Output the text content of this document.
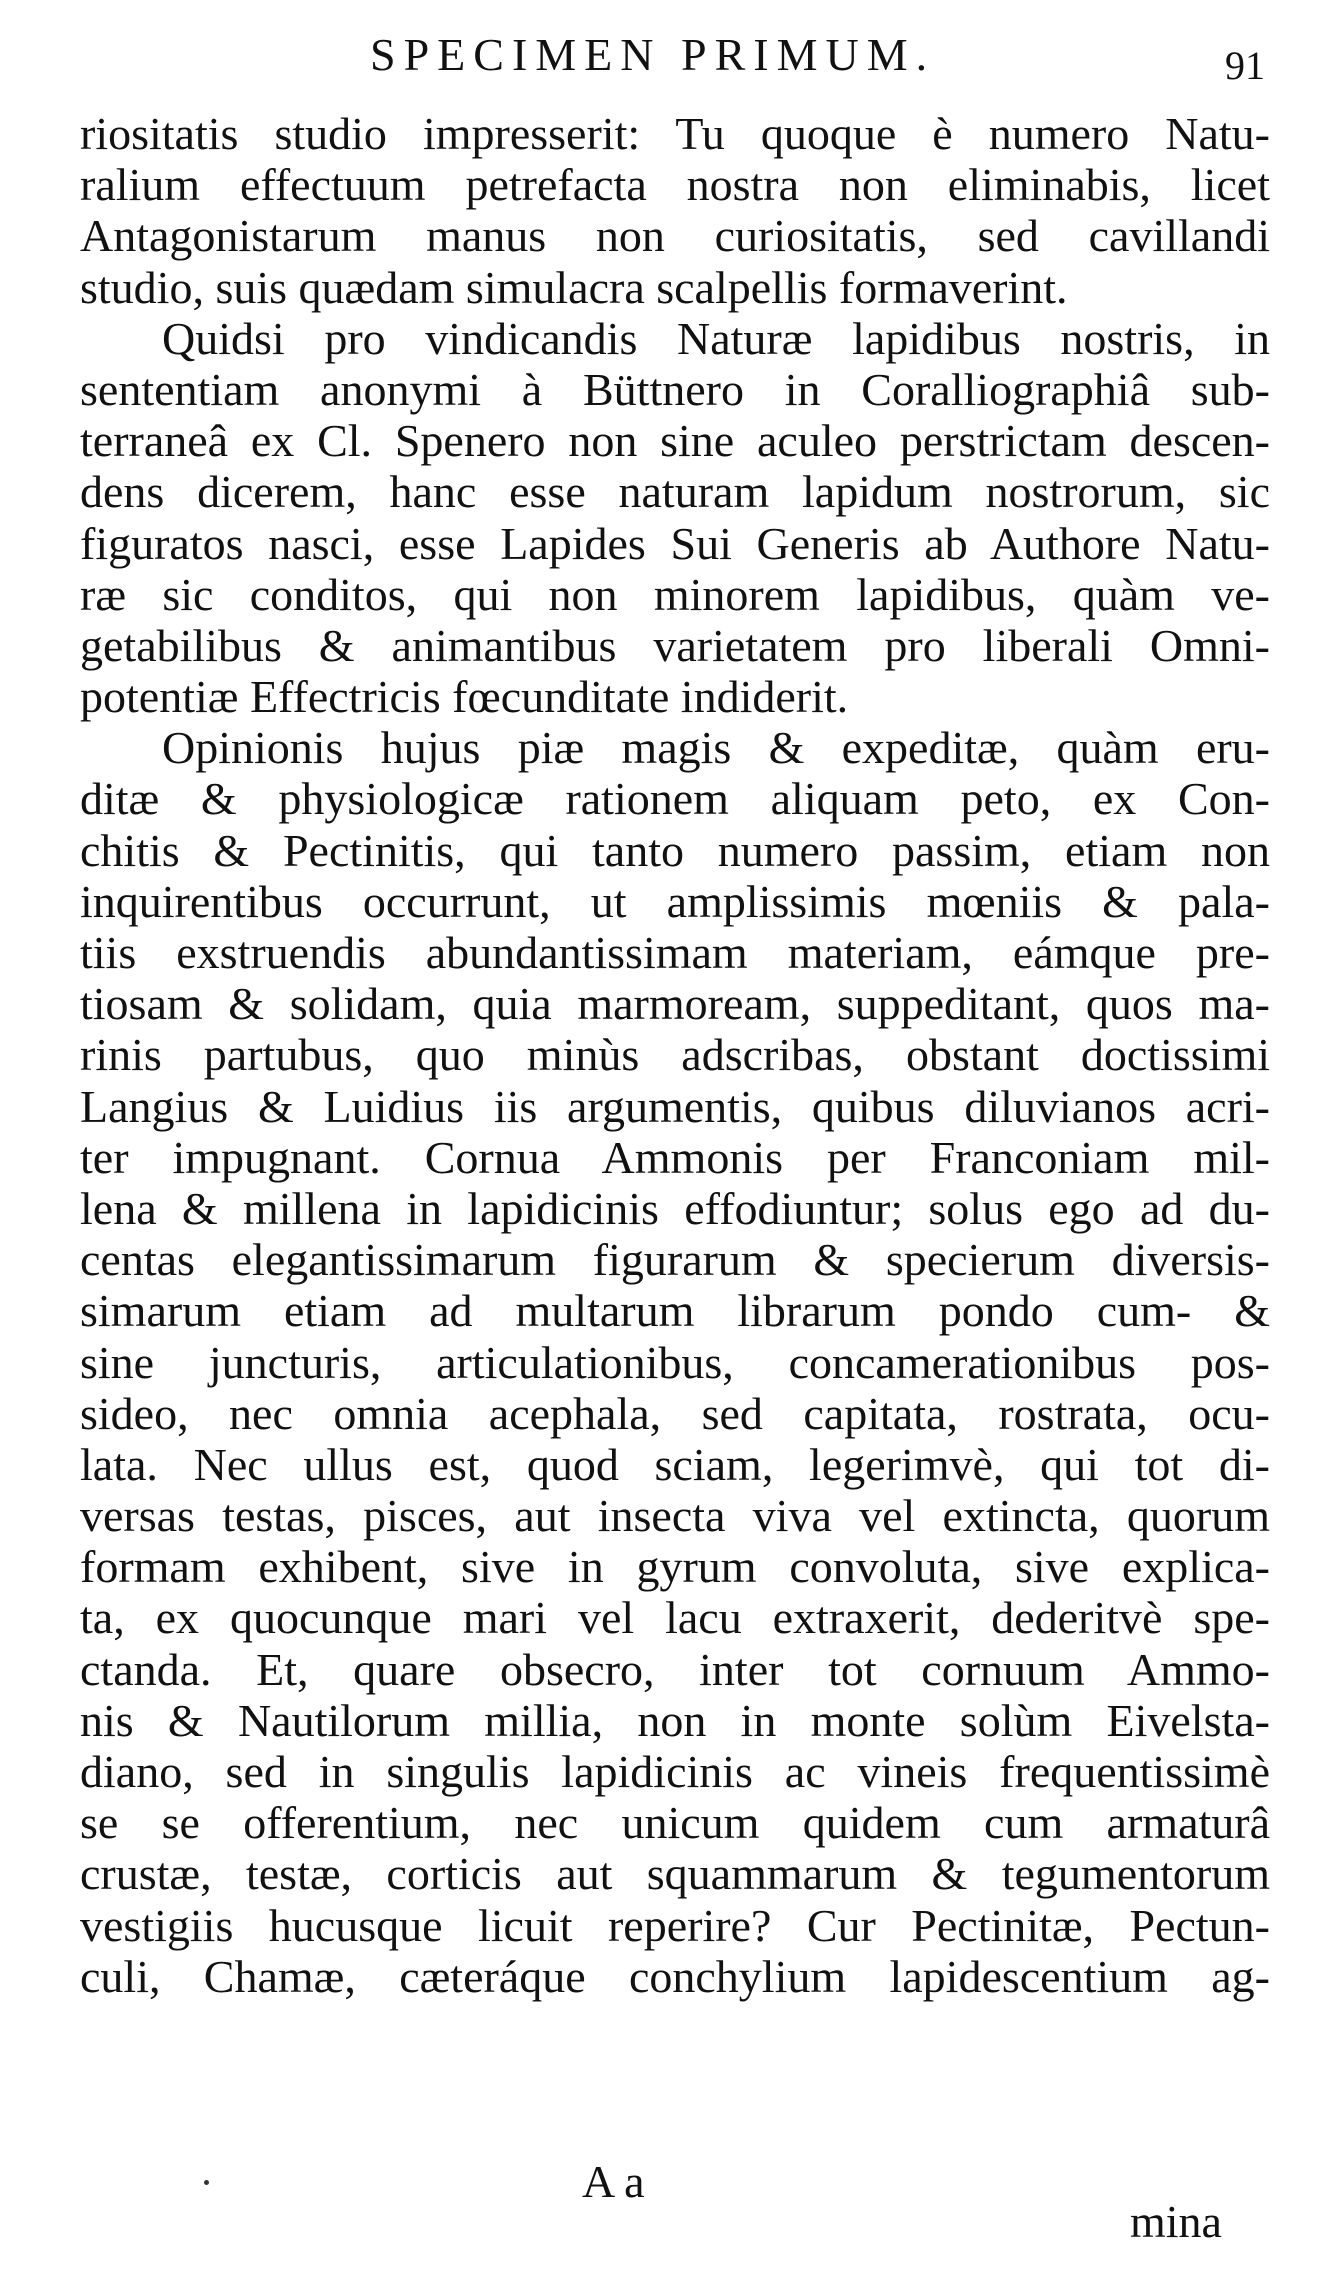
SPECIMEN PRIMUM.	91
riositatis studio impresserit: Tu quoque è numero Natu-
ralium effectuum petrefacta nostra non eliminabis, licet
Antagonistarum manus non curiositatis, sed cavillandi
studio, suis quædam simulacra scalpellis formaverint.
Quidsi pro vindicandis Naturæ lapidibus nostris, in
sententiam anonymi à Büttnero in Coralliographiâ sub-
terraneâ ex Cl. Spenero non sine aculeo perstrictam descen-
dens dicerem, hanc esse naturam lapidum nostrorum, sic
figuratos nasci, esse Lapides Sui Generis ab Authore Natu-
ræ sic conditos, qui non minorem lapidibus, quàm ve-
getabilibus & animantibus varietatem pro liberali Omni-
potentiæ Effectricis fœcunditate indiderit.
Opinionis hujus piæ magis & expeditæ, quàm eru-
ditæ & physiologicæ rationem aliquam peto, ex Con-
chitis & Pectinitis, qui tanto numero passim, etiam non
inquirentibus occurrunt, ut amplissimis mœniis & pala-
tiis exstruendis abundantissimam materiam, eámque pre-
tiosam & solidam, quia marmoream, suppeditant, quos ma-
rinis partubus, quo minùs adscribas, obstant doctissimi
Langius & Luidius iis argumentis, quibus diluvianos acri-
ter impugnant. Cornua Ammonis per Franconiam mil-
lena & millena in lapidicinis effodiuntur; solus ego ad du-
centas elegantissimarum figurarum & specierum diversis-
simarum etiam ad multarum librarum pondo cum- &
sine juncturis, articulationibus, concamerationibus pos-
sideo, nec omnia acephala, sed capitata, rostrata, ocu-
lata. Nec ullus est, quod sciam, legerimvè, qui tot di-
versas testas, pisces, aut insecta viva vel extincta, quorum
formam exhibent, sive in gyrum convoluta, sive explica-
ta, ex quocunque mari vel lacu extraxerit, dederitvè spe-
ctanda. Et, quare obsecro, inter tot cornuum Ammo-
nis & Nautilorum millia, non in monte solùm Eivelsta-
diano, sed in singulis lapidicinis ac vineis frequentissimè
se se offerentium, nec unicum quidem cum armaturâ
crustæ, testæ, corticis aut squammarum & tegumentorum
vestigiis hucusque licuit reperire? Cur Pectinitæ, Pectun-
culi, Chamæ, cæteráque conchylium lapidescentium ag-
A a
mina
